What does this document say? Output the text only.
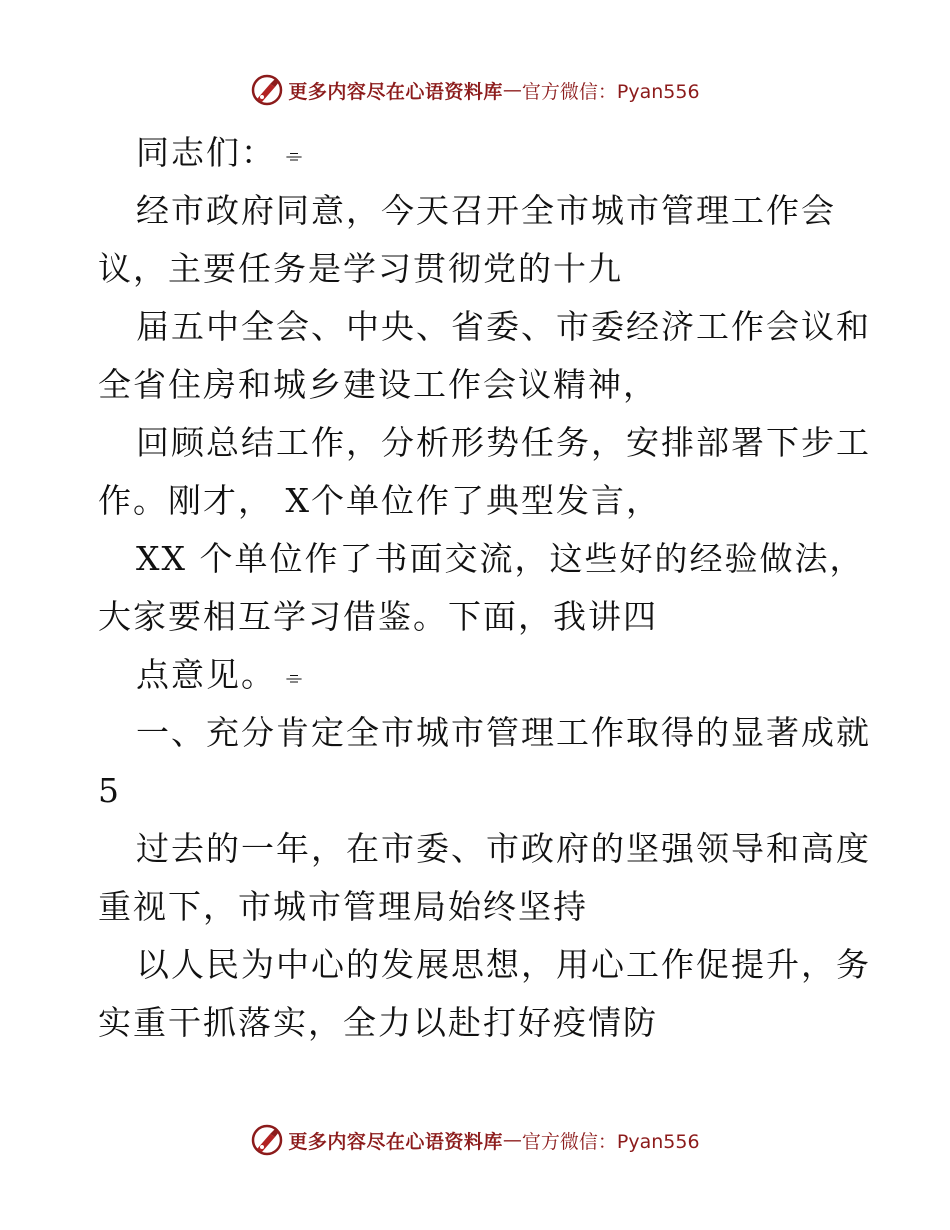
更多内容尽在心语资料库 — 官方微信：Pyan556
同志们： ⌯
经市政府同意，今天召开全市城市管理工作会
议，主要任务是学习贯彻党的十九
届五中全会、中央、省委、市委经济工作会议和
全省住房和城乡建设工作会议精神，
回顾总结工作，分析形势任务，安排部署下步工
作。刚才， X个单位作了典型发言，
XX 个单位作了书面交流，这些好的经验做法，
大家要相互学习借鉴。下面，我讲四
点意见。 ⌯
一、充分肯定全市城市管理工作取得的显著成就
5
过去的一年，在市委、市政府的坚强领导和高度
重视下，市城市管理局始终坚持
以人民为中心的发展思想，用心工作促提升，务
实重干抓落实，全力以赴打好疫情防
更多内容尽在心语资料库 — 官方微信：Pyan556
